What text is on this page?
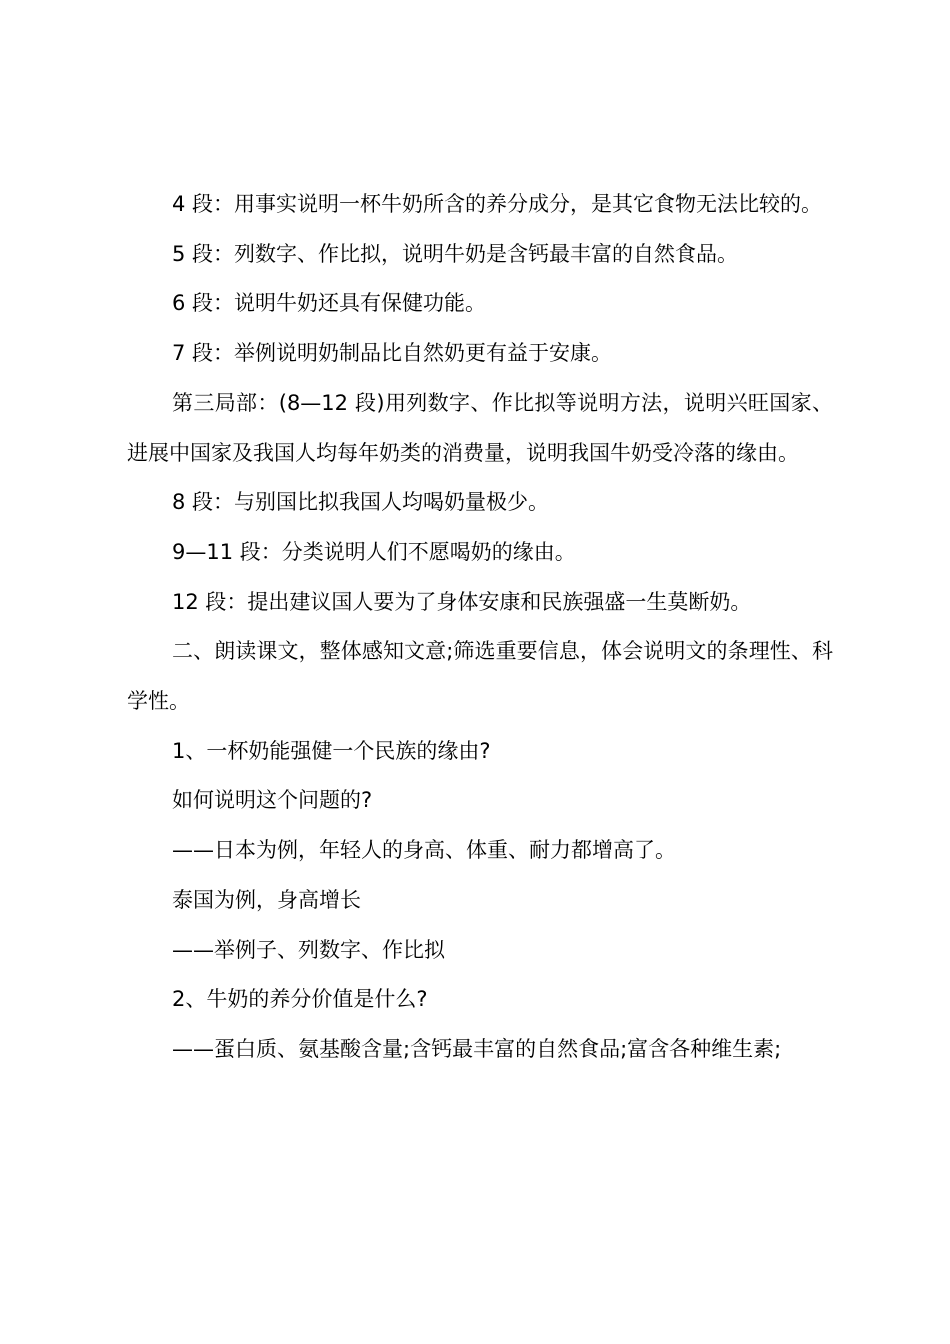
4 段：用事实说明一杯牛奶所含的养分成分，是其它食物无法比较的。

5 段：列数字、作比拟，说明牛奶是含钙最丰富的自然食品。

6 段：说明牛奶还具有保健功能。

7 段：举例说明奶制品比自然奶更有益于安康。

第三局部：(8—12 段)用列数字、作比拟等说明方法，说明兴旺国家、进展中国家及我国人均每年奶类的消费量，说明我国牛奶受冷落的缘由。

8 段：与别国比拟我国人均喝奶量极少。

9—11 段：分类说明人们不愿喝奶的缘由。

12 段：提出建议国人要为了身体安康和民族强盛一生莫断奶。

二、朗读课文，整体感知文意;筛选重要信息，体会说明文的条理性、科学性。

1、一杯奶能强健一个民族的缘由?

如何说明这个问题的?

——日本为例，年轻人的身高、体重、耐力都增高了。

泰国为例，身高增长

——举例子、列数字、作比拟

2、牛奶的养分价值是什么?

——蛋白质、氨基酸含量;含钙最丰富的自然食品;富含各种维生素;
